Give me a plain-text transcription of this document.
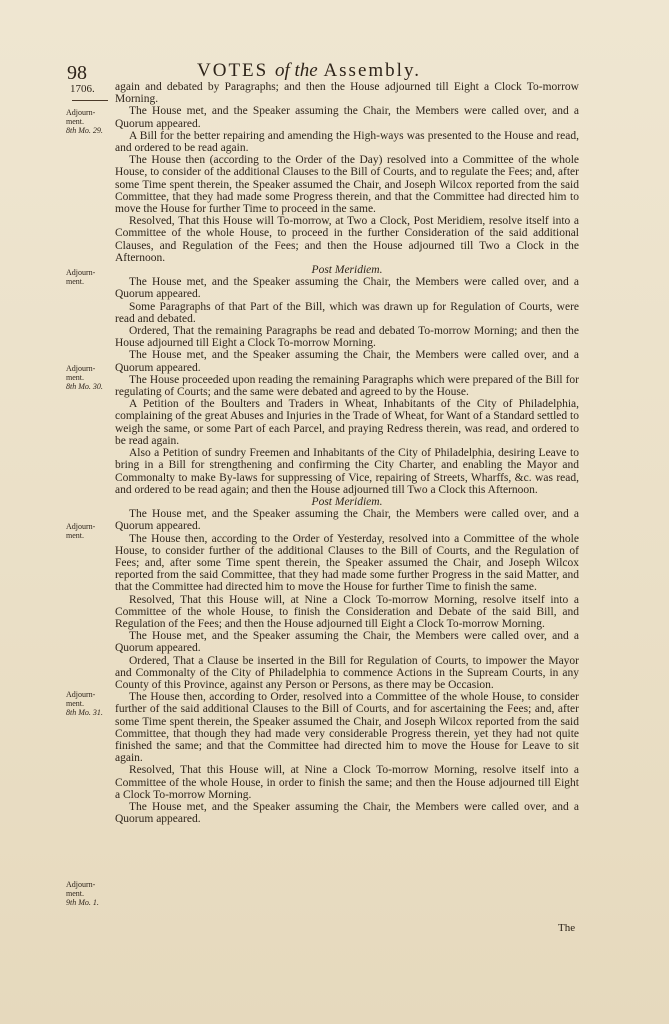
98	VOTES of the Assembly.
1706.
Adjourn-
ment.
8th Mo. 29.
Adjourn-
ment.
Adjourn-
ment.
8th Mo. 30.
Adjourn-
ment.
Adjourn-
ment.
8th Mo. 31.
Adjourn-
ment.
9th Mo. 1.

again and debated by Paragraphs; and then the House adjourned till Eight a Clock To-morrow Morning.

The House met, and the Speaker assuming the Chair, the Members were called over, and a Quorum appeared.

A Bill for the better repairing and amending the High-ways was presented to the House and read, and ordered to be read again.

The House then (according to the Order of the Day) resolved into a Committee of the whole House, to consider of the additional Clauses to the Bill of Courts, and to regulate the Fees; and, after some Time spent therein, the Speaker assumed the Chair, and Joseph Wilcox reported from the said Committee, that they had made some Progress therein, and that the Committee had directed him to move the House for further Time to proceed in the same.

Resolved, That this House will To-morrow, at Two a Clock, Post Meridiem, resolve itself into a Committee of the whole House, to proceed in the further Consideration of the said additional Clauses, and Regulation of the Fees; and then the House adjourned till Two a Clock in the Afternoon.

Post Meridiem.

The House met, and the Speaker assuming the Chair, the Members were called over, and a Quorum appeared.

Some Paragraphs of that Part of the Bill, which was drawn up for Regulation of Courts, were read and debated.

Ordered, That the remaining Paragraphs be read and debated To-morrow Morning; and then the House adjourned till Eight a Clock To-morrow Morning.

The House met, and the Speaker assuming the Chair, the Members were called over, and a Quorum appeared.

The House proceeded upon reading the remaining Paragraphs which were prepared of the Bill for regulating of Courts; and the same were debated and agreed to by the House.

A Petition of the Boulters and Traders in Wheat, Inhabitants of the City of Philadelphia, complaining of the great Abuses and Injuries in the Trade of Wheat, for Want of a Standard settled to weigh the same, or some Part of each Parcel, and praying Redress therein, was read, and ordered to be read again.

Also a Petition of sundry Freemen and Inhabitants of the City of Philadelphia, desiring Leave to bring in a Bill for strengthening and confirming the City Charter, and enabling the Mayor and Commonalty to make By-laws for suppressing of Vice, repairing of Streets, Wharffs, &c. was read, and ordered to be read again; and then the House adjourned till Two a Clock this Afternoon.

Post Meridiem.

The House met, and the Speaker assuming the Chair, the Members were called over, and a Quorum appeared.

The House then, according to the Order of Yesterday, resolved into a Committee of the whole House, to consider further of the additional Clauses to the Bill of Courts, and the Regulation of Fees; and, after some Time spent therein, the Speaker assumed the Chair, and Joseph Wilcox reported from the said Committee, that they had made some further Progress in the said Matter, and that the Committee had directed him to move the House for further Time to finish the same.

Resolved, That this House will, at Nine a Clock To-morrow Morning, resolve itself into a Committee of the whole House, to finish the Consideration and Debate of the said Bill, and Regulation of the Fees; and then the House adjourned till Eight a Clock To-morrow Morning.

The House met, and the Speaker assuming the Chair, the Members were called over, and a Quorum appeared.

Ordered, That a Clause be inserted in the Bill for Regulation of Courts, to impower the Mayor and Commonalty of the City of Philadelphia to commence Actions in the Supream Courts, in any County of this Province, against any Person or Persons, as there may be Occasion.

The House then, according to Order, resolved into a Committee of the whole House, to consider further of the said additional Clauses to the Bill of Courts, and for ascertaining the Fees; and, after some Time spent therein, the Speaker assumed the Chair, and Joseph Wilcox reported from the said Committee, that though they had made very considerable Progress therein, yet they had not quite finished the same; and that the Committee had directed him to move the House for Leave to sit again.

Resolved, That this House will, at Nine a Clock To-morrow Morning, resolve itself into a Committee of the whole House, in order to finish the same; and then the House adjourned till Eight a Clock To-morrow Morning.

The House met, and the Speaker assuming the Chair, the Members were called over, and a Quorum appeared.

The
